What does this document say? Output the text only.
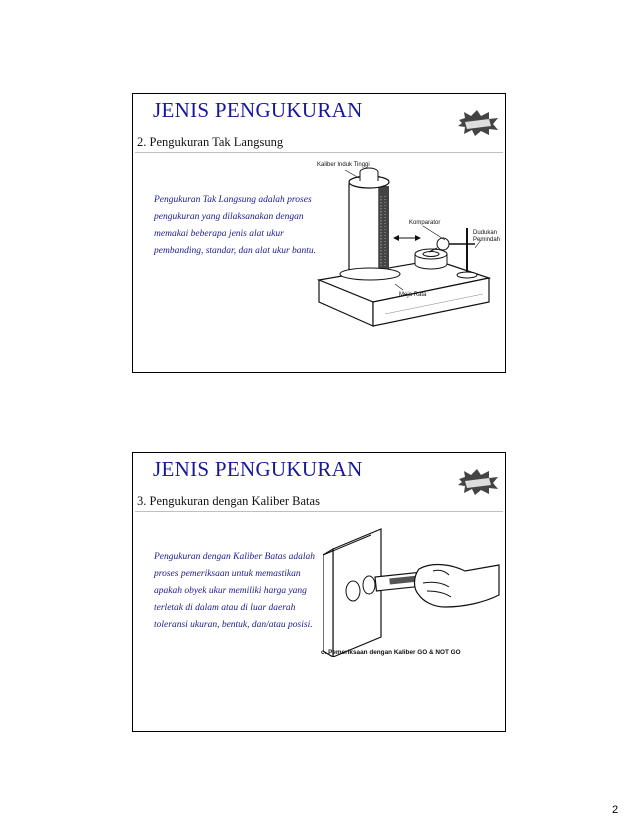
JENIS PENGUKURAN
2. Pengukuran Tak Langsung
Pengukuran Tak Langsung adalah proses pengukuran yang dilaksanakan dengan memakai beberapa jenis alat ukur pembanding, standar, dan alat ukur bantu.
Kaliber Induk Tinggi
Komparator
Dudukan Pemindah
Meja Rata
JENIS PENGUKURAN
3. Pengukuran dengan Kaliber Batas
Pengukuran dengan Kaliber Batas adalah proses pemeriksaan untuk memastikan apakah obyek ukur memiliki harga yang terletak di dalam atau di luar daerah toleransi ukuran, bentuk, dan/atau posisi.
c. Pemeriksaan dengan Kaliber GO & NOT GO
2
